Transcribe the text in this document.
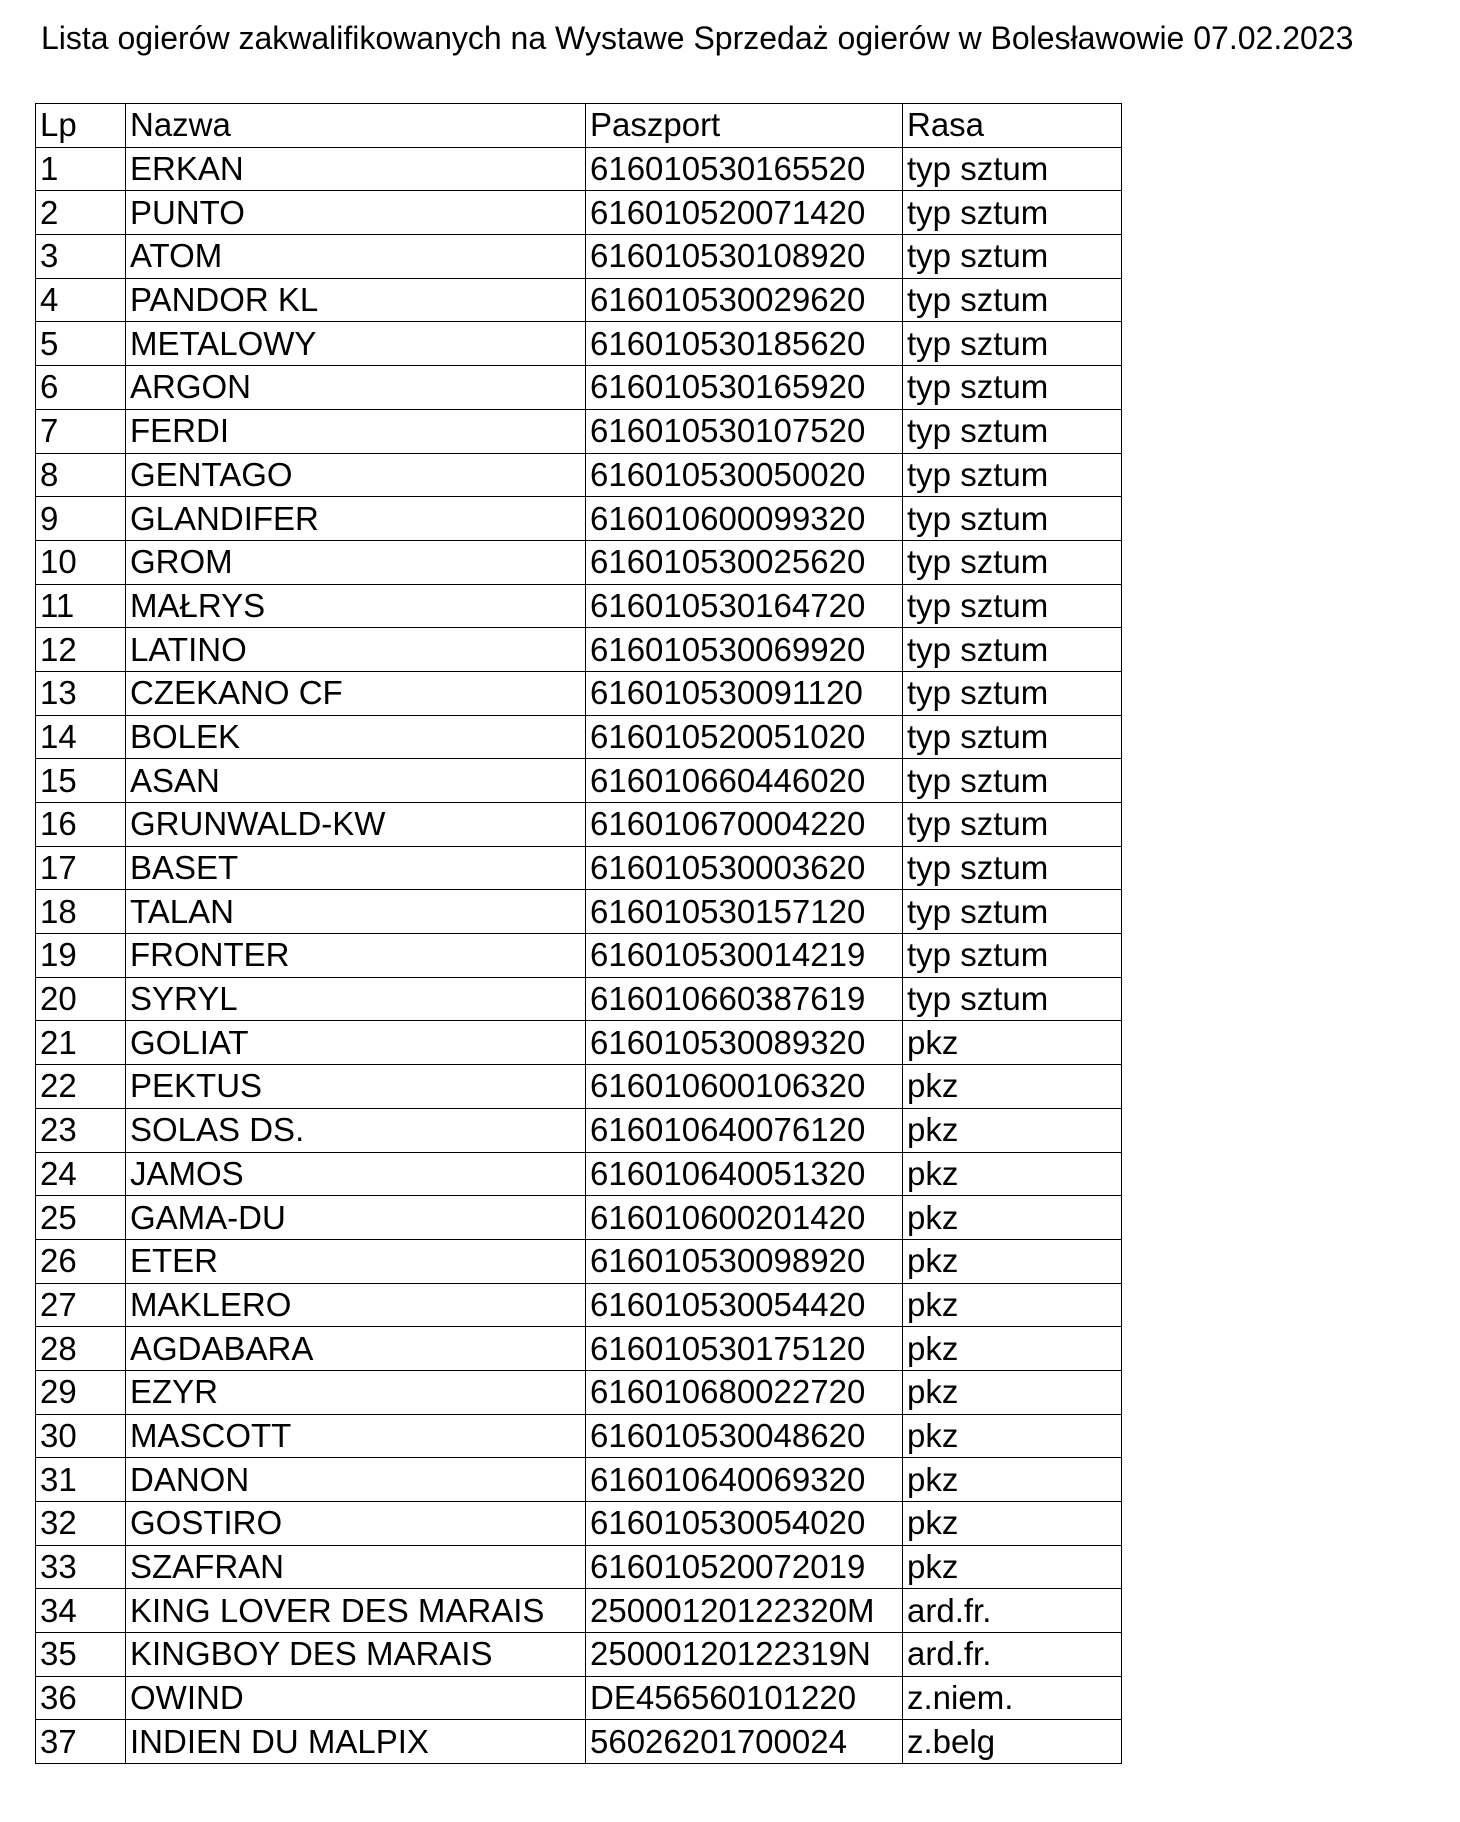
Lista ogierów zakwalifikowanych na Wystawe Sprzedaż ogierów w Bolesławowie 07.02.2023
Lp	Nazwa	Paszport	Rasa
1	ERKAN	616010530165520	typ sztum
2	PUNTO	616010520071420	typ sztum
3	ATOM	616010530108920	typ sztum
4	PANDOR KL	616010530029620	typ sztum
5	METALOWY	616010530185620	typ sztum
6	ARGON	616010530165920	typ sztum
7	FERDI	616010530107520	typ sztum
8	GENTAGO	616010530050020	typ sztum
9	GLANDIFER	616010600099320	typ sztum
10	GROM	616010530025620	typ sztum
11	MAŁRYS	616010530164720	typ sztum
12	LATINO	616010530069920	typ sztum
13	CZEKANO CF	616010530091120	typ sztum
14	BOLEK	616010520051020	typ sztum
15	ASAN	616010660446020	typ sztum
16	GRUNWALD-KW	616010670004220	typ sztum
17	BASET	616010530003620	typ sztum
18	TALAN	616010530157120	typ sztum
19	FRONTER	616010530014219	typ sztum
20	SYRYL	616010660387619	typ sztum
21	GOLIAT	616010530089320	pkz
22	PEKTUS	616010600106320	pkz
23	SOLAS DS.	616010640076120	pkz
24	JAMOS	616010640051320	pkz
25	GAMA-DU	616010600201420	pkz
26	ETER	616010530098920	pkz
27	MAKLERO	616010530054420	pkz
28	AGDABARA	616010530175120	pkz
29	EZYR	616010680022720	pkz
30	MASCOTT	616010530048620	pkz
31	DANON	616010640069320	pkz
32	GOSTIRO	616010530054020	pkz
33	SZAFRAN	616010520072019	pkz
34	KING LOVER DES MARAIS	25000120122320M	ard.fr.
35	KINGBOY DES MARAIS	25000120122319N	ard.fr.
36	OWIND	DE456560101220	z.niem.
37	INDIEN DU MALPIX	56026201700024	z.belg
